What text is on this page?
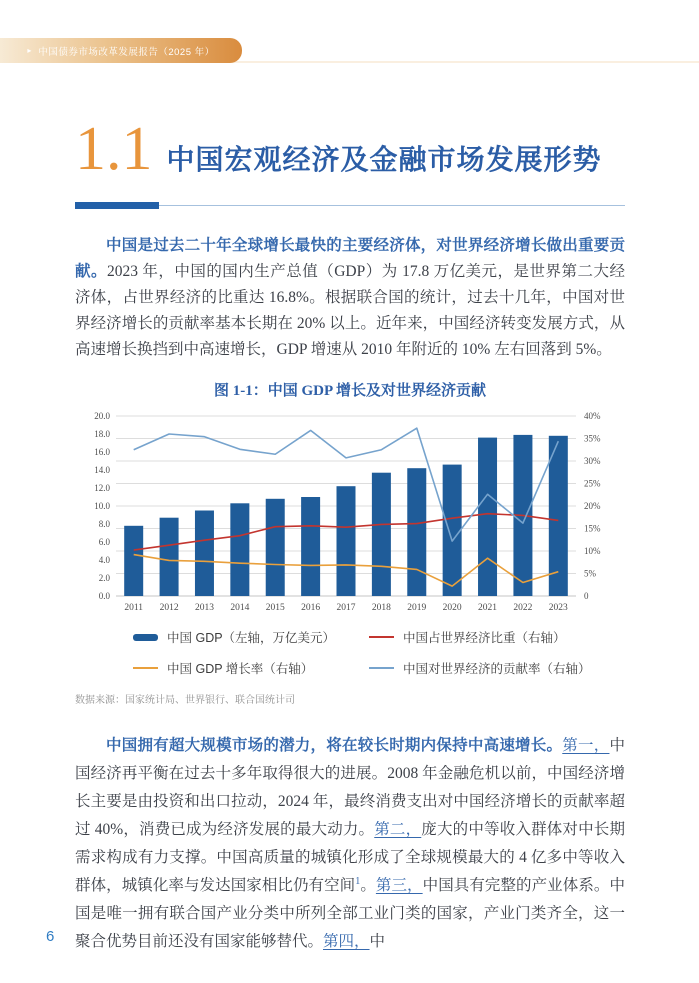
▸ 中国债券市场改革发展报告（2025 年）
1.1 中国宏观经济及金融市场发展形势

中国是过去二十年全球增长最快的主要经济体，对世界经济增长做出重要贡献。2023 年，中国的国内生产总值（GDP）为 17.8 万亿美元，是世界第二大经济体，占世界经济的比重达 16.8%。根据联合国的统计，过去十几年，中国对世界经济增长的贡献率基本长期在 20% 以上。近年来，中国经济转变发展方式，从高速增长换挡到中高速增长，GDP 增速从 2010 年附近的 10% 左右回落到 5%。

图 1-1：中国 GDP 增长及对世界经济贡献
0.0
2.0
4.0
6.0
8.0
10.0
12.0
14.0
16.0
18.0
20.0
0
5%
10%
15%
20%
25%
30%
35%
40%
2011 2012 2013 2014 2015 2016 2017 2018 2019 2020 2021 2022 2023
中国 GDP（左轴，万亿美元）	中国占世界经济比重（右轴）
中国 GDP 增长率（右轴）	中国对世界经济的贡献率（右轴）
数据来源：国家统计局、世界银行、联合国统计司

中国拥有超大规模市场的潜力，将在较长时期内保持中高速增长。第一，中国经济再平衡在过去十多年取得很大的进展。2008 年金融危机以前，中国经济增长主要是由投资和出口拉动，2024 年，最终消费支出对中国经济增长的贡献率超过 40%，消费已成为经济发展的最大动力。第二，庞大的中等收入群体对中长期需求构成有力支撑。中国高质量的城镇化形成了全球规模最大的 4 亿多中等收入群体，城镇化率与发达国家相比仍有空间$^1$。第三，中国具有完整的产业体系。中国是唯一拥有联合国产业分类中所列全部工业门类的国家，产业门类齐全，这一聚合优势目前还没有国家能够替代。第四，中

6
